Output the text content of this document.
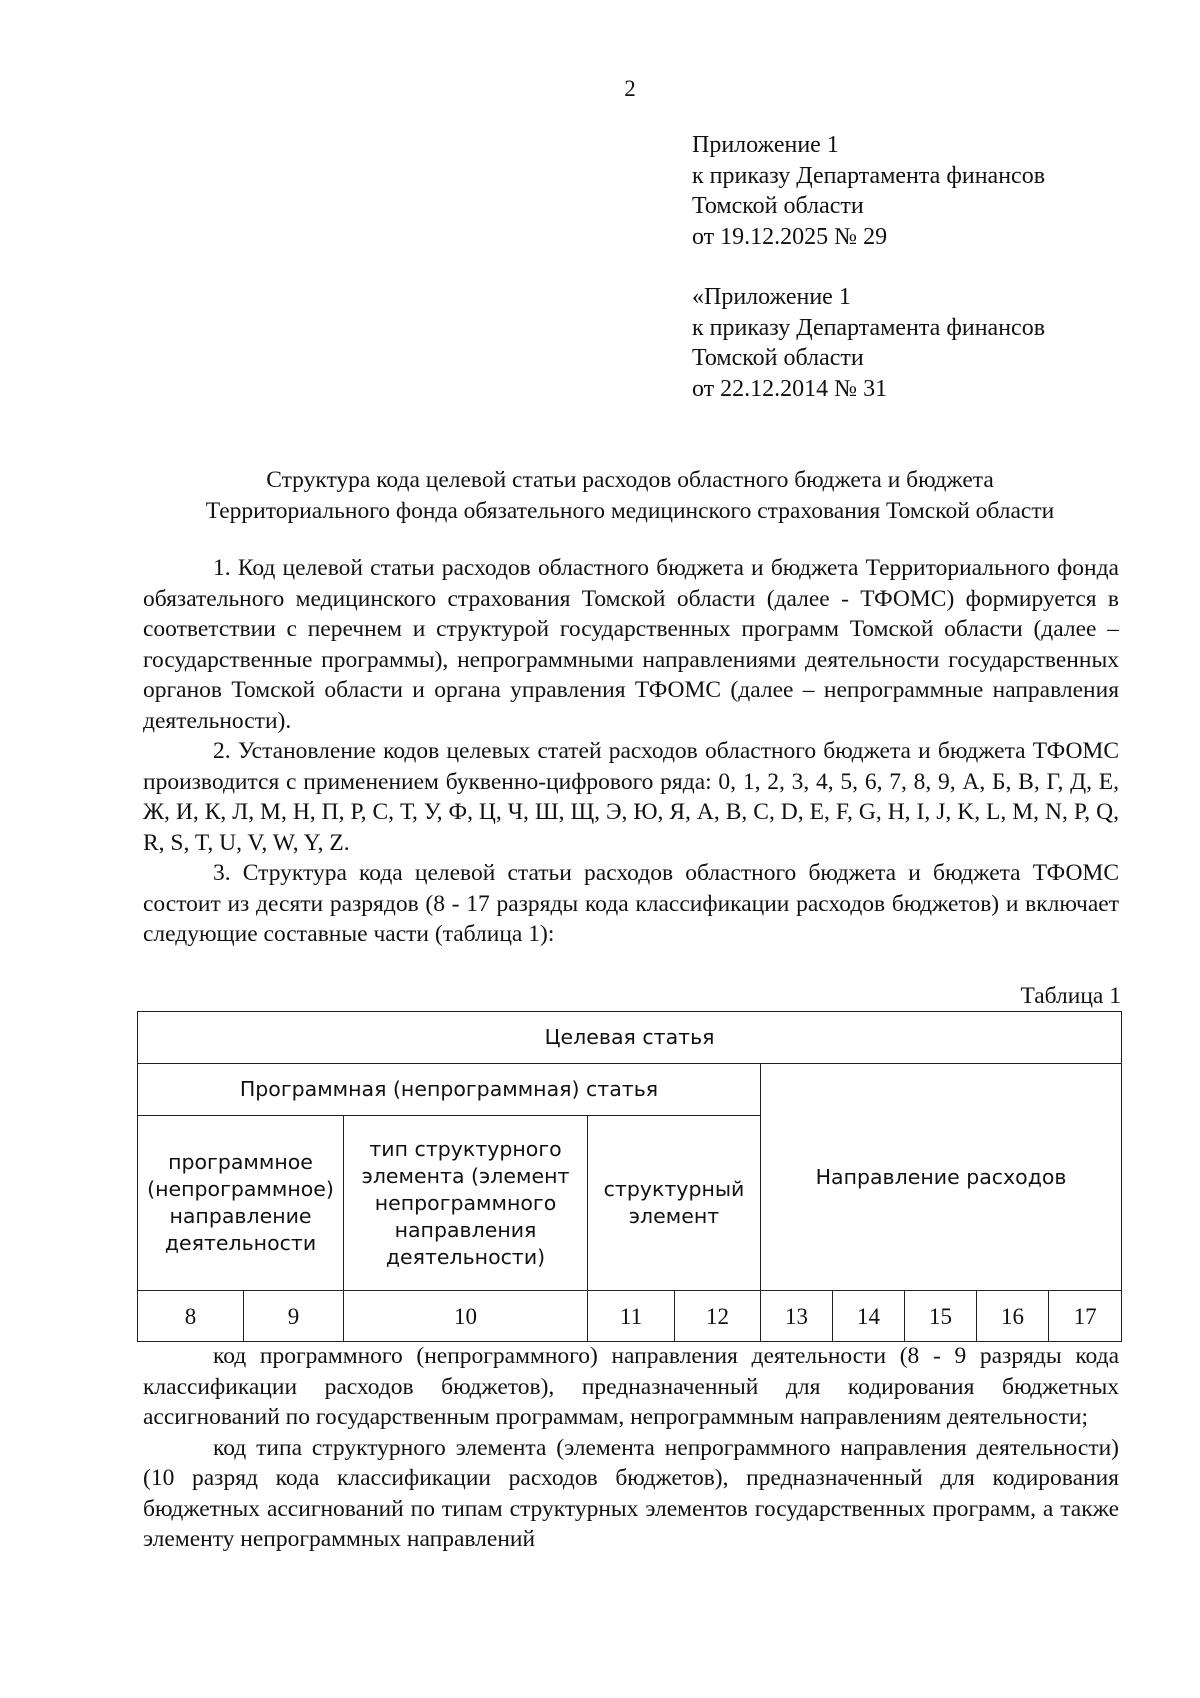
2
Приложение 1
к приказу Департамента финансов
Томской области
от 19.12.2025 № 29
«Приложение 1
к приказу Департамента финансов
Томской области
от 22.12.2014 № 31
Структура кода целевой статьи расходов областного бюджета и бюджета
Территориального фонда обязательного медицинского страхования Томской области

1. Код целевой статьи расходов областного бюджета и бюджета Территориального фонда обязательного медицинского страхования Томской области (далее - ТФОМС) формируется в соответствии с перечнем и структурой государственных программ Томской области (далее – государственные программы), непрограммными направлениями деятельности государственных органов Томской области и органа управления ТФОМС (далее – непрограммные направления деятельности).

2. Установление кодов целевых статей расходов областного бюджета и бюджета ТФОМС производится с применением буквенно-цифрового ряда: 0, 1, 2, 3, 4, 5, 6, 7, 8, 9, А, Б, В, Г, Д, Е, Ж, И, К, Л, М, Н, П, Р, С, Т, У, Ф, Ц, Ч, Ш, Щ, Э, Ю, Я, A, B, C, D, E, F, G, H, I, J, K, L, M, N, P, Q, R, S, T, U, V, W, Y, Z.

3. Структура кода целевой статьи расходов областного бюджета и бюджета ТФОМС состоит из десяти разрядов (8 - 17 разряды кода классификации расходов бюджетов) и включает следующие составные части (таблица 1):

Таблица 1
Целевая статья									
Программная (непрограммная) статья					Направление расходов				
программное (непрограммное) направление деятельности		тип структурного элемента (элемент непрограммного направления деятельности)	структурный элемент						
8	9	10	11	12	13	14	15	16	17

код программного (непрограммного) направления деятельности (8 - 9 разряды кода классификации расходов бюджетов), предназначенный для кодирования бюджетных ассигнований по государственным программам, непрограммным направлениям деятельности;

код типа структурного элемента (элемента непрограммного направления деятельности) (10 разряд кода классификации расходов бюджетов), предназначенный для кодирования бюджетных ассигнований по типам структурных элементов государственных программ, а также элементу непрограммных направлений
